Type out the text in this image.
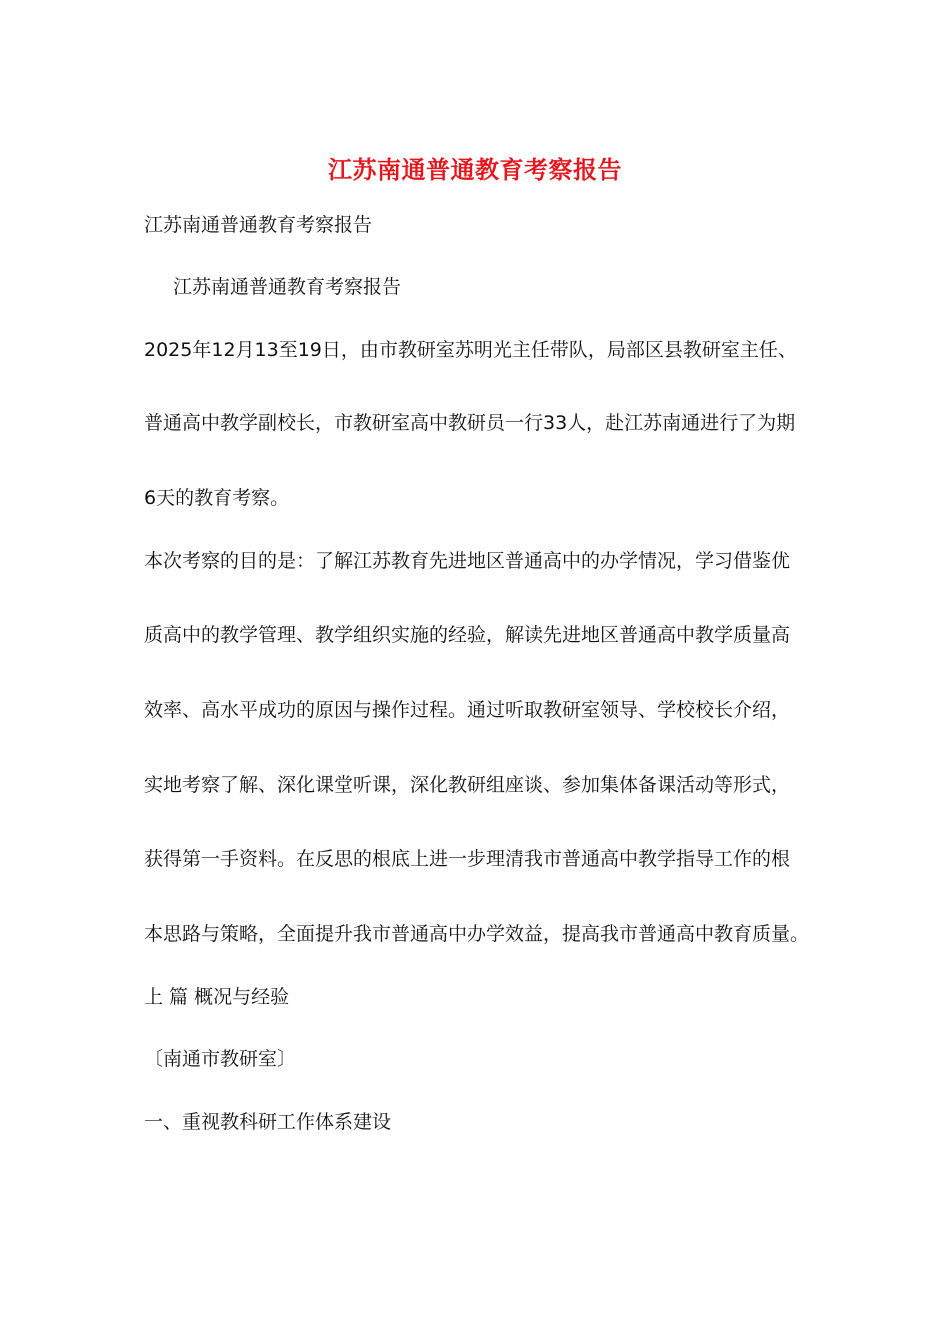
江苏南通普通教育考察报告
江苏南通普通教育考察报告
江苏南通普通教育考察报告
2025年12月13至19日，由市教研室苏明光主任带队，局部区县教研室主任、
普通高中教学副校长，市教研室高中教研员一行33人，赴江苏南通进行了为期
6天的教育考察。
本次考察的目的是：了解江苏教育先进地区普通高中的办学情况，学习借鉴优
质高中的教学管理、教学组织实施的经验，解读先进地区普通高中教学质量高
效率、高水平成功的原因与操作过程。通过听取教研室领导、学校校长介绍，
实地考察了解、深化课堂听课，深化教研组座谈、参加集体备课活动等形式，
获得第一手资料。在反思的根底上进一步理清我市普通高中教学指导工作的根
本思路与策略，全面提升我市普通高中办学效益，提高我市普通高中教育质量。
上 篇 概况与经验
〔南通市教研室〕
一、重视教科研工作体系建设
